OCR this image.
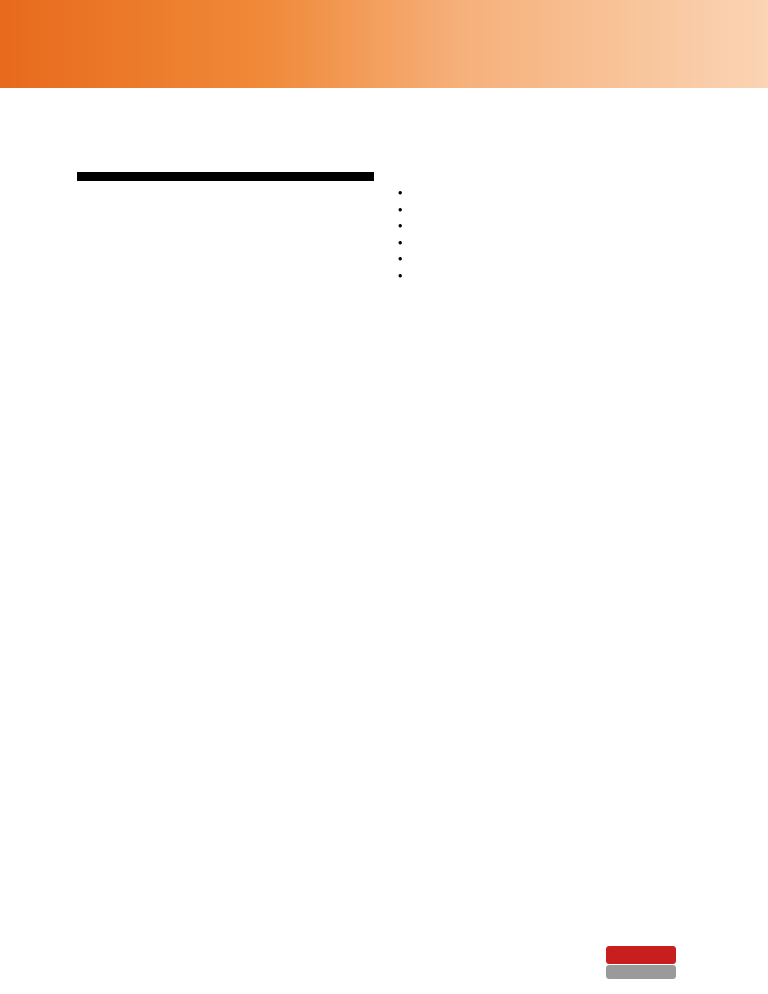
•

•

•

•

•

•
